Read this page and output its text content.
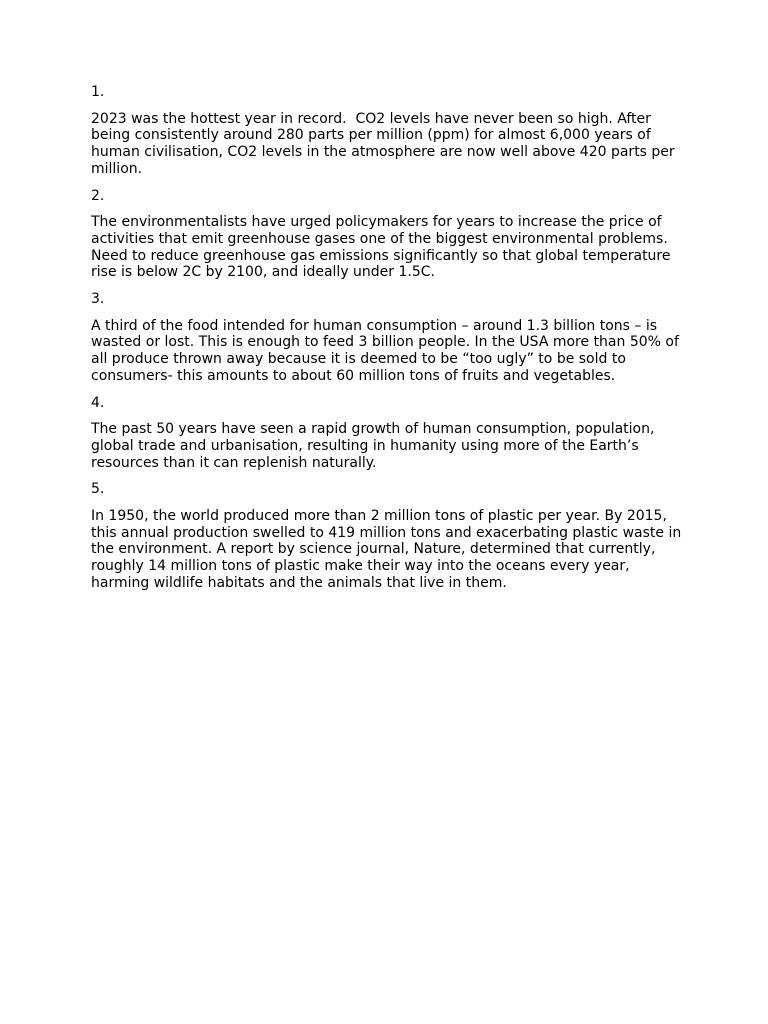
1.

2023 was the hottest year in record.  CO2 levels have never been so high. After being consistently around 280 parts per million (ppm) for almost 6,000 years of human civilisation, CO2 levels in the atmosphere are now well above 420 parts per million.

2.

The environmentalists have urged policymakers for years to increase the price of activities that emit greenhouse gases one of the biggest environmental problems. Need to reduce greenhouse gas emissions significantly so that global temperature rise is below 2C by 2100, and ideally under 1.5C.

3.

A third of the food intended for human consumption – around 1.3 billion tons – is wasted or lost. This is enough to feed 3 billion people. In the USA more than 50% of all produce thrown away because it is deemed to be “too ugly” to be sold to consumers- this amounts to about 60 million tons of fruits and vegetables.

4.

The past 50 years have seen a rapid growth of human consumption, population, global trade and urbanisation, resulting in humanity using more of the Earth’s resources than it can replenish naturally.

5.

In 1950, the world produced more than 2 million tons of plastic per year. By 2015, this annual production swelled to 419 million tons and exacerbating plastic waste in the environment. A report by science journal, Nature, determined that currently, roughly 14 million tons of plastic make their way into the oceans every year, harming wildlife habitats and the animals that live in them.
